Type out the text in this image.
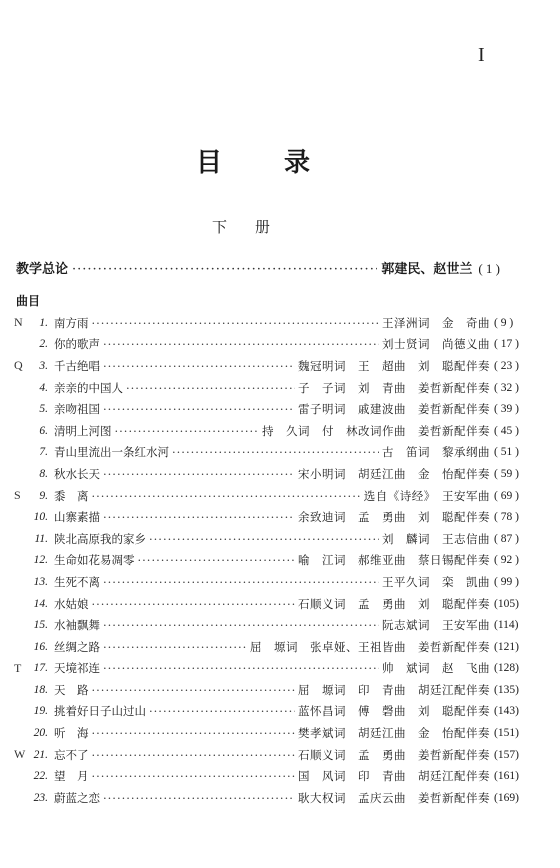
I
目录
下册
教学总论 ·····	郭建民、赵世兰 ( 1 )
曲目
N	1. 南方雨 ·····	王泽洲词　金　奇曲 ( 9 )
2. 你的歌声 ·····	刘士贤词　尚德义曲 ( 17 )
Q	3. 千古绝唱 ·····	魏冠明词　王　超曲　刘　聪配伴奏 ( 23 )
4. 亲亲的中国人 ·····	子　子词　刘　青曲　姜哲新配伴奏 ( 32 )
5. 亲吻祖国 ·····	雷子明词　戚建波曲　姜哲新配伴奏 ( 39 )
6. 清明上河图 ·····	持　久词　付　林改词作曲　姜哲新配伴奏 ( 45 )
7. 青山里流出一条红水河 ·····	古　笛词　黎承纲曲 ( 51 )
8. 秋水长天 ·····	宋小明词　胡廷江曲　金　怡配伴奏 ( 59 )
S	9. 黍　离 ·····	选自《诗经》　王安军曲 ( 69 )
10. 山寨素描 ·····	余致迪词　孟　勇曲　刘　聪配伴奏 ( 78 )
11. 陕北高原我的家乡 ·····	刘　麟词　王志信曲 ( 87 )
12. 生命如花易凋零 ·····	喻　江词　郝维亚曲　蔡日锡配伴奏 ( 92 )
13. 生死不离 ·····	王平久词　栾　凯曲 ( 99 )
14. 水姑娘 ·····	石顺义词　孟　勇曲　刘　聪配伴奏 (105)
15. 水袖飘舞 ·····	阮志斌词　王安军曲 (114)
16. 丝绸之路 ·····	屈　塬词　张卓娅、王祖皆曲　姜哲新配伴奏 (121)
T	17. 天境祁连 ·····	帅　斌词　赵　飞曲 (128)
18. 天　路 ·····	屈　塬词　印　青曲　胡廷江配伴奏 (135)
19. 挑着好日子山过山 ·····	蓝怀昌词　傅　磬曲　刘　聪配伴奏 (143)
20. 听　海 ·····	樊孝斌词　胡廷江曲　金　怡配伴奏 (151)
W 21. 忘不了 ·····	石顺义词　孟　勇曲　姜哲新配伴奏 (157)
22. 望　月 ·····	国　风词　印　青曲　胡廷江配伴奏 (161)
23. 蔚蓝之恋 ·····	耿大权词　孟庆云曲　姜哲新配伴奏 (169)
